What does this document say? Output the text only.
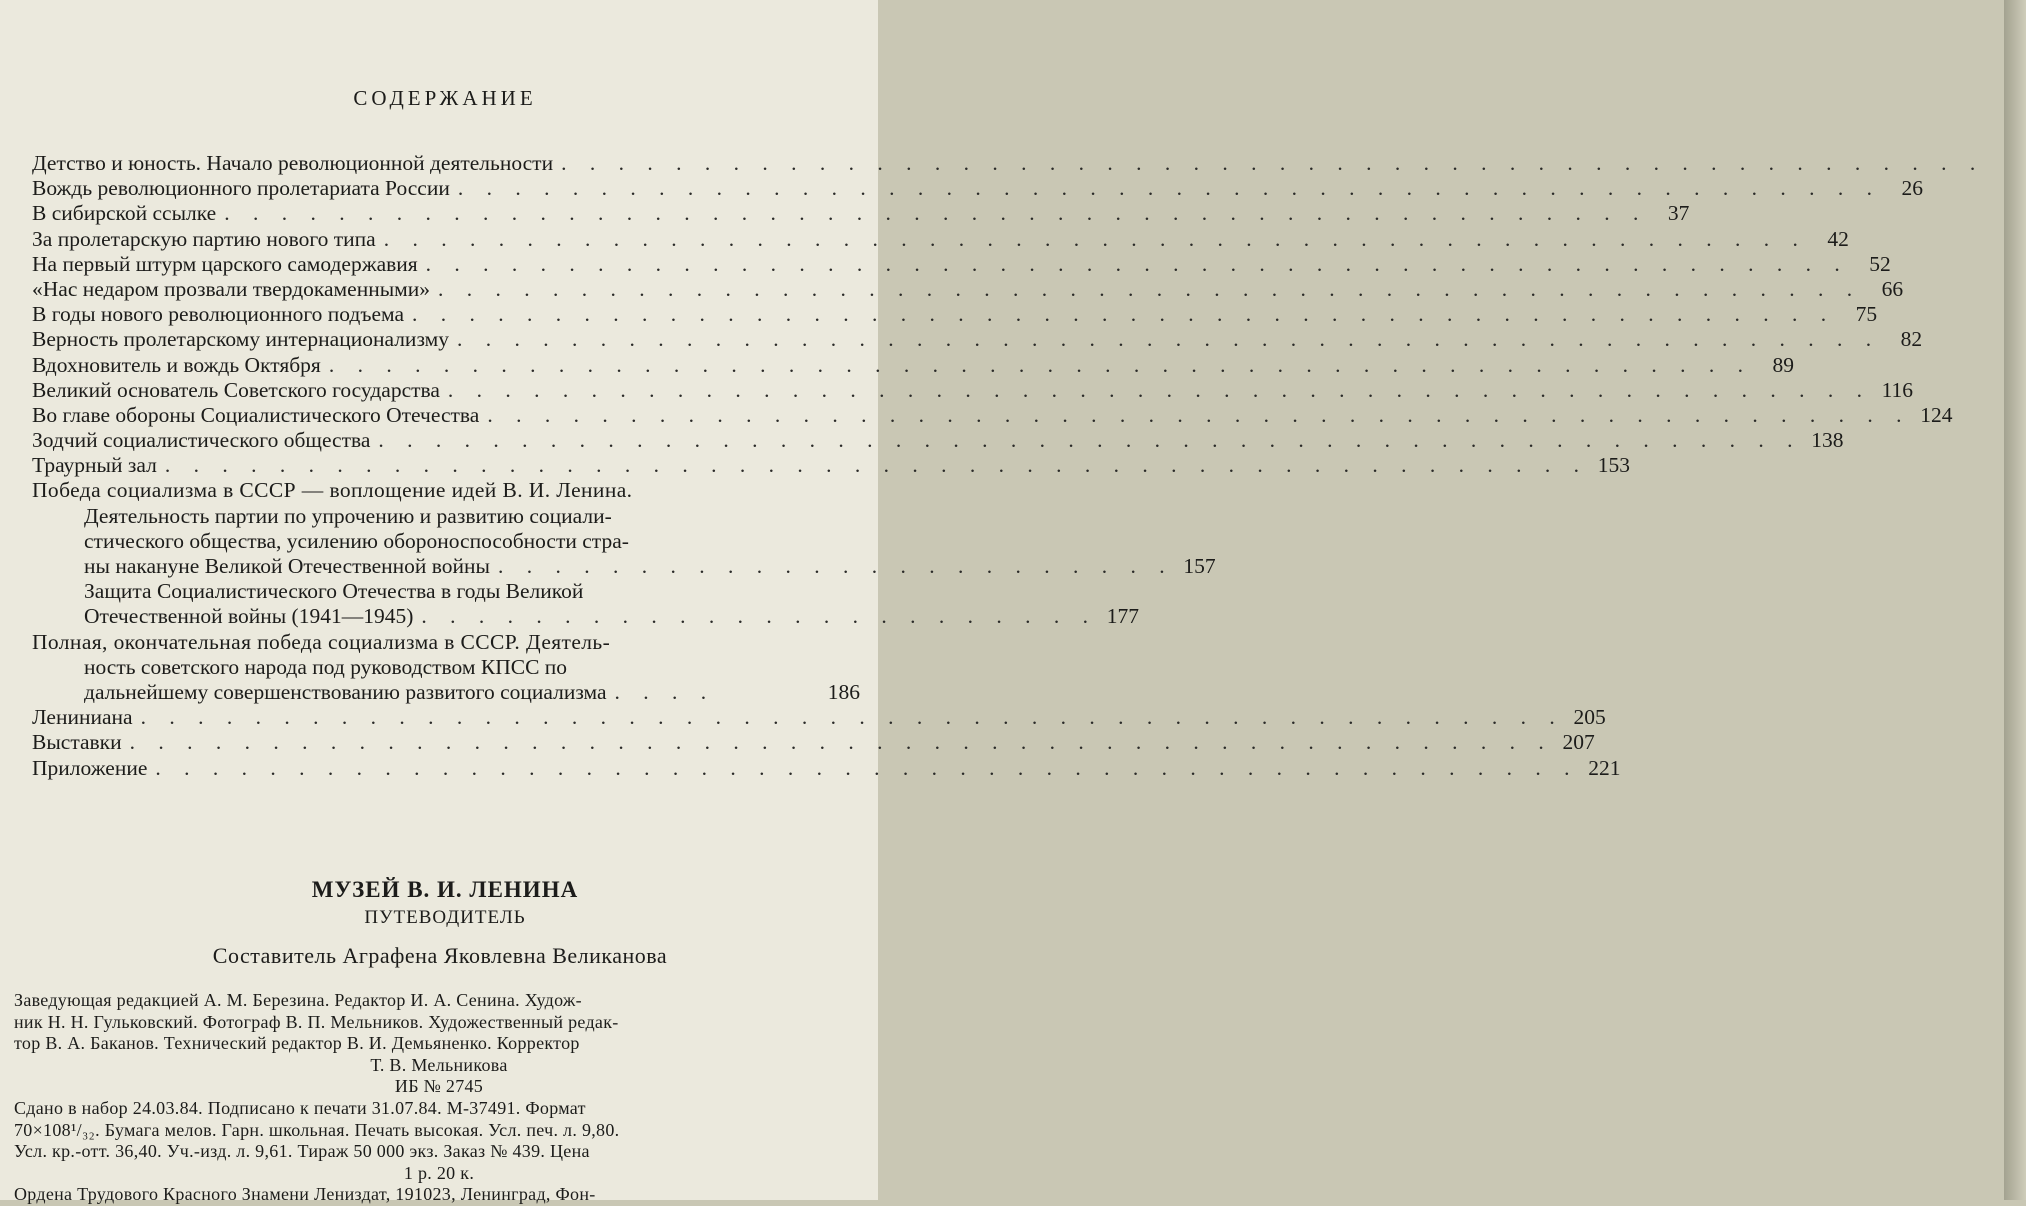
СОДЕРЖАНИЕ
Детство и юность. Начало революционной деятельности . . . . . . . . . . . . . . . . . . . . . . . . . . . . . . . . . . . . . . . . . . . . . . . . . .
Вождь революционного пролетариата России . . . . . . . . . . . . . . . . . . . . . . . . . . . . . . . . . . . . . . . . . . . . . . . . . . 26
В сибирской ссылке . . . . . . . . . . . . . . . . . . . . . . . . . . . . . . . . . . . . . . . . . . . . . . . . . . 37
За пролетарскую партию нового типа . . . . . . . . . . . . . . . . . . . . . . . . . . . . . . . . . . . . . . . . . . . . . . . . . . 42
На первый штурм царского самодержавия . . . . . . . . . . . . . . . . . . . . . . . . . . . . . . . . . . . . . . . . . . . . . . . . . . 52
«Нас недаром прозвали твердокаменными» . . . . . . . . . . . . . . . . . . . . . . . . . . . . . . . . . . . . . . . . . . . . . . . . . . 66
В годы нового революционного подъема . . . . . . . . . . . . . . . . . . . . . . . . . . . . . . . . . . . . . . . . . . . . . . . . . . 75
Верность пролетарскому интернационализму . . . . . . . . . . . . . . . . . . . . . . . . . . . . . . . . . . . . . . . . . . . . . . . . . . 82
Вдохновитель и вождь Октября . . . . . . . . . . . . . . . . . . . . . . . . . . . . . . . . . . . . . . . . . . . . . . . . . . 89
Великий основатель Советского государства . . . . . . . . . . . . . . . . . . . . . . . . . . . . . . . . . . . . . . . . . . . . . . . . . . 116
Во главе обороны Социалистического Отечества . . . . . . . . . . . . . . . . . . . . . . . . . . . . . . . . . . . . . . . . . . . . . . . . . . 124
Зодчий социалистического общества . . . . . . . . . . . . . . . . . . . . . . . . . . . . . . . . . . . . . . . . . . . . . . . . . . 138
Траурный зал . . . . . . . . . . . . . . . . . . . . . . . . . . . . . . . . . . . . . . . . . . . . . . . . . . 153
Победа социализма в СССР — воплощение идей В. И. Ленина.
Деятельность партии по упрочению и развитию социали-
стического общества, усилению обороноспособности стра-
ны накануне Великой Отечественной войны . . . . . . . . . . . . . . . . . . . . . . . . 157
Защита Социалистического Отечества в годы Великой
Отечественной войны (1941—1945) . . . . . . . . . . . . . . . . . . . . . . . . 177
Полная, окончательная победа социализма в СССР. Деятель-
ность советского народа под руководством КПСС по
дальнейшему совершенствованию развитого социализма . . . .	186
Лениниана . . . . . . . . . . . . . . . . . . . . . . . . . . . . . . . . . . . . . . . . . . . . . . . . . . 205
Выставки . . . . . . . . . . . . . . . . . . . . . . . . . . . . . . . . . . . . . . . . . . . . . . . . . . 207
Приложение . . . . . . . . . . . . . . . . . . . . . . . . . . . . . . . . . . . . . . . . . . . . . . . . . . 221
МУЗЕЙ В. И. ЛЕНИНА
ПУТЕВОДИТЕЛЬ
Составитель Аграфена Яковлевна Великанова
Заведующая редакцией А. М. Березина. Редактор И. А. Сенина. Худож-
ник Н. Н. Гульковский. Фотограф В. П. Мельников. Художественный редак-
тор В. А. Баканов. Технический редактор В. И. Демьяненко. Корректор
Т. В. Мельникова
ИБ № 2745
Сдано в набор 24.03.84. Подписано к печати 31.07.84. М-37491. Формат
70×108¹/₃₂. Бумага мелов. Гарн. школьная. Печать высокая. Усл. печ. л. 9,80.
Усл. кр.-отт. 36,40. Уч.-изд. л. 9,61. Тираж 50 000 экз. Заказ № 439. Цена
1 р. 20 к.
Ордена Трудового Красного Знамени Лениздат, 191023, Ленинград, Фон-
